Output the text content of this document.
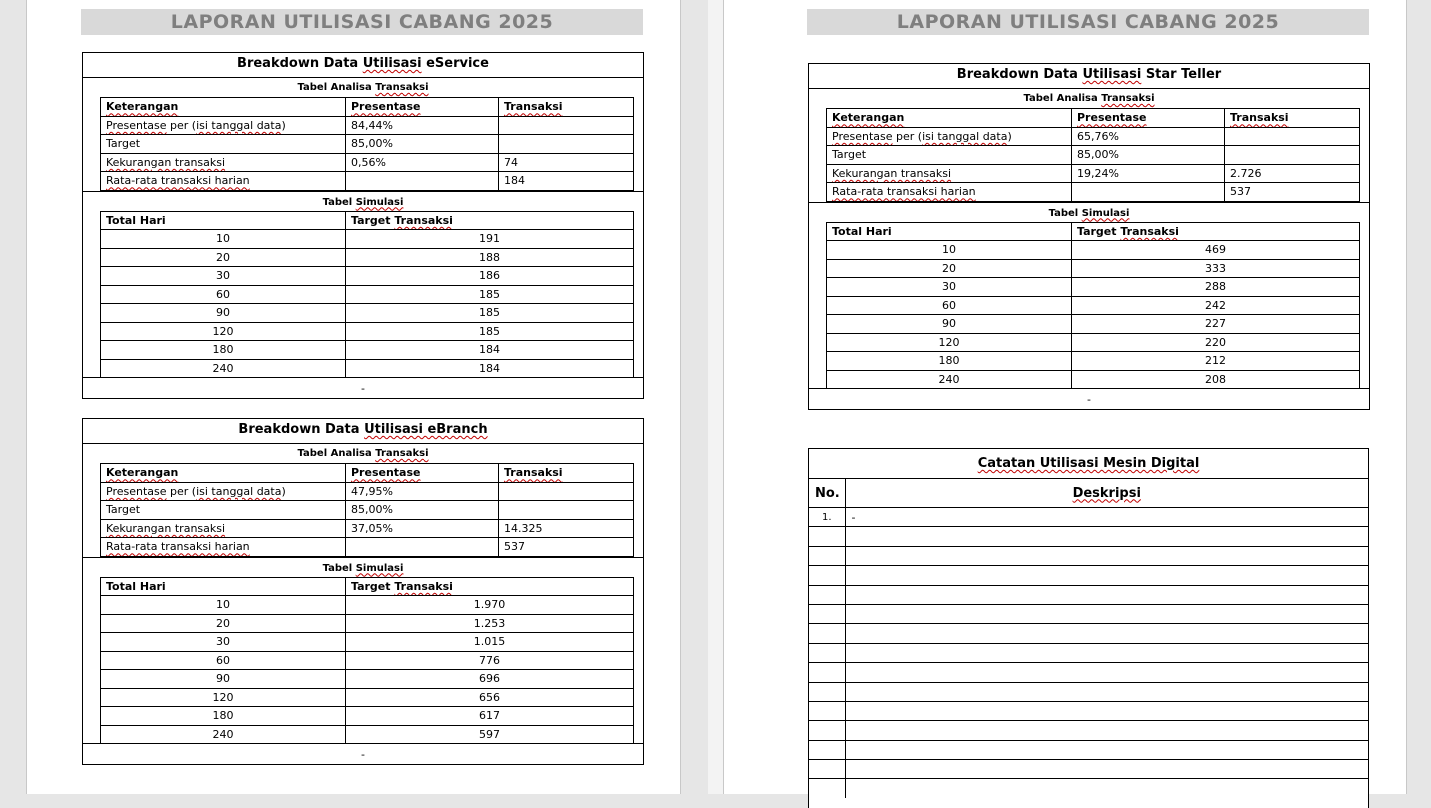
LAPORAN UTILISASI CABANG 2025
Breakdown Data Utilisasi eService
Tabel Analisa Transaksi
Keterangan	Presentase	Transaksi
Presentase per (isi tanggal data)	84,44%	
Target	85,00%	
Kekurangan transaksi	0,56%	74
Rata-rata transaksi harian		184
Tabel Simulasi
Total Hari	Target Transaksi
10	191
20	188
30	186
60	185
90	185
120	185
180	184
240	184
-
Breakdown Data Utilisasi eBranch
Tabel Analisa Transaksi
Keterangan	Presentase	Transaksi
Presentase per (isi tanggal data)	47,95%	
Target	85,00%	
Kekurangan transaksi	37,05%	14.325
Rata-rata transaksi harian		537
Tabel Simulasi
Total Hari	Target Transaksi
10	1.970
20	1.253
30	1.015
60	776
90	696
120	656
180	617
240	597
-
LAPORAN UTILISASI CABANG 2025
Breakdown Data Utilisasi Star Teller
Tabel Analisa Transaksi
Keterangan	Presentase	Transaksi
Presentase per (isi tanggal data)	65,76%	
Target	85,00%	
Kekurangan transaksi	19,24%	2.726
Rata-rata transaksi harian		537
Tabel Simulasi
Total Hari	Target Transaksi
10	469
20	333
30	288
60	242
90	227
120	220
180	212
240	208
-
Catatan Utilisasi Mesin Digital
No.	Deskripsi
1.	-
